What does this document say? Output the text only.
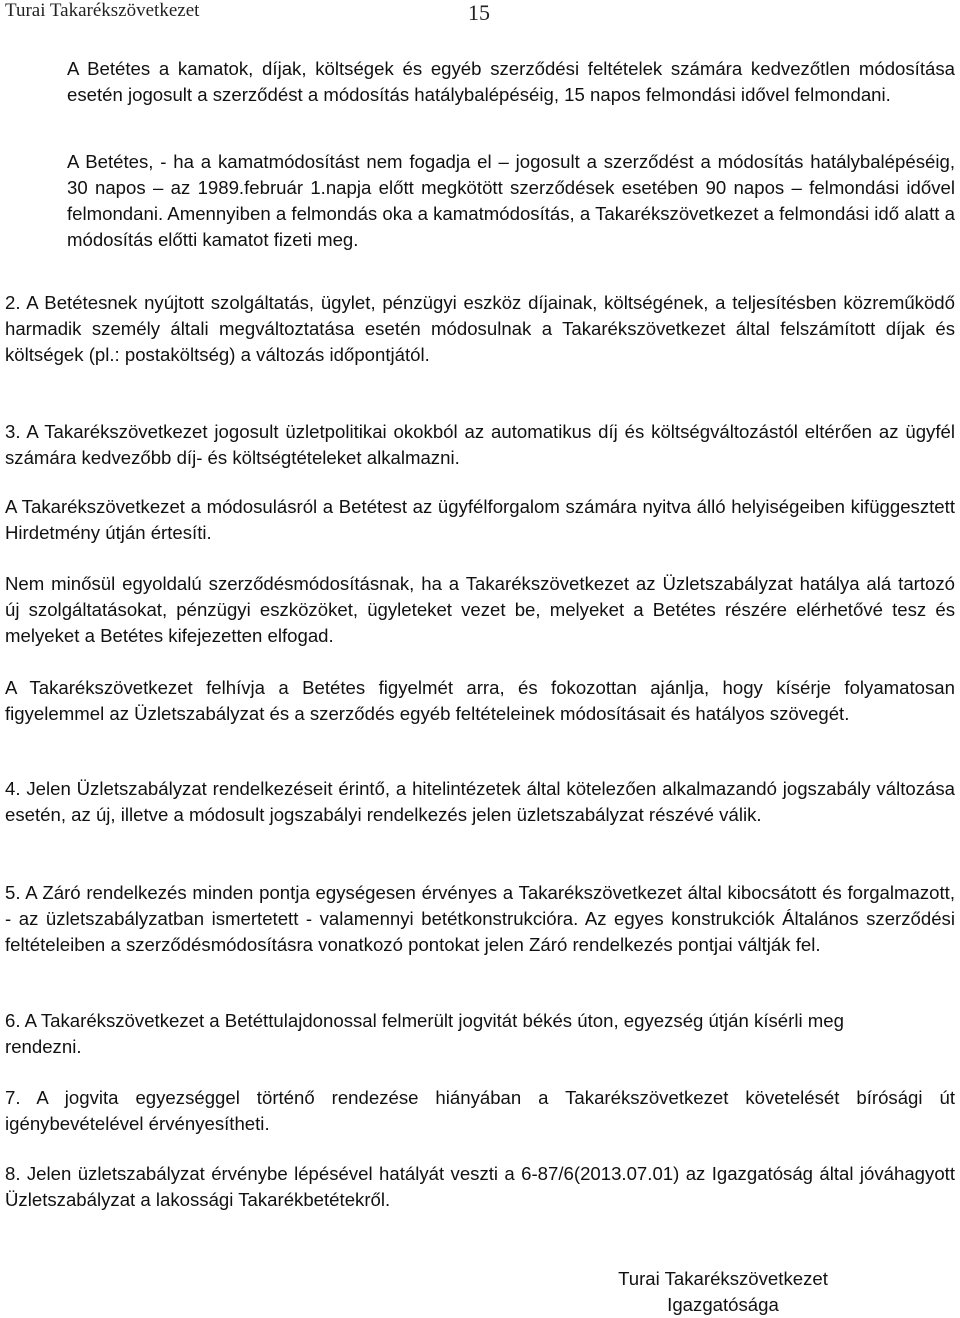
Turai Takarékszövetkezet	15

A Betétes a kamatok, díjak, költségek és egyéb szerződési feltételek számára kedvezőtlen módosítása esetén jogosult a szerződést a módosítás hatálybalépéséig, 15 napos felmondási idővel felmondani.

A Betétes, - ha a kamatmódosítást nem fogadja el – jogosult a szerződést a módosítás hatálybalépéséig, 30 napos – az 1989.február 1.napja előtt megkötött szerződések esetében 90 napos – felmondási idővel felmondani. Amennyiben a felmondás oka a kamatmódosítás, a Takarékszövetkezet a felmondási idő alatt a módosítás előtti kamatot fizeti meg.

2. A Betétesnek nyújtott szolgáltatás, ügylet, pénzügyi eszköz díjainak, költségének, a teljesítésben közreműködő harmadik személy általi megváltoztatása esetén módosulnak a Takarékszövetkezet által felszámított díjak és költségek (pl.: postaköltség) a változás időpontjától.

3. A Takarékszövetkezet jogosult üzletpolitikai okokból az automatikus díj és költségváltozástól eltérően az ügyfél számára kedvezőbb díj- és költségtételeket alkalmazni.

A Takarékszövetkezet a módosulásról a Betétest az ügyfélforgalom számára nyitva álló helyiségeiben kifüggesztett Hirdetmény útján értesíti.

Nem minősül egyoldalú szerződésmódosításnak, ha a Takarékszövetkezet az Üzletszabályzat hatálya alá tartozó új szolgáltatásokat, pénzügyi eszközöket, ügyleteket vezet be, melyeket a Betétes részére elérhetővé tesz és melyeket a Betétes kifejezetten elfogad.

A Takarékszövetkezet felhívja a Betétes figyelmét arra, és fokozottan ajánlja, hogy kísérje folyamatosan figyelemmel az Üzletszabályzat és a szerződés egyéb feltételeinek módosításait és hatályos szövegét.

4. Jelen Üzletszabályzat rendelkezéseit érintő, a hitelintézetek által kötelezően alkalmazandó jogszabály változása esetén, az új, illetve a módosult jogszabályi rendelkezés jelen üzletszabályzat részévé válik.

5. A Záró rendelkezés minden pontja egységesen érvényes a Takarékszövetkezet által kibocsátott és forgalmazott, - az üzletszabályzatban ismertetett - valamennyi betétkonstrukcióra. Az egyes konstrukciók Általános szerződési feltételeiben a szerződésmódosításra vonatkozó pontokat jelen Záró rendelkezés pontjai váltják fel.

6. A Takarékszövetkezet a Betéttulajdonossal felmerült jogvitát békés úton, egyezség útján kísérli meg rendezni.

7. A jogvita egyezséggel történő rendezése hiányában a Takarékszövetkezet követelését bírósági út igénybevételével érvényesítheti.

8. Jelen üzletszabályzat érvénybe lépésével hatályát veszti a 6-87/6(2013.07.01) az Igazgatóság által jóváhagyott Üzletszabályzat a lakossági Takarékbetétekről.

Turai Takarékszövetkezet
Igazgatósága
